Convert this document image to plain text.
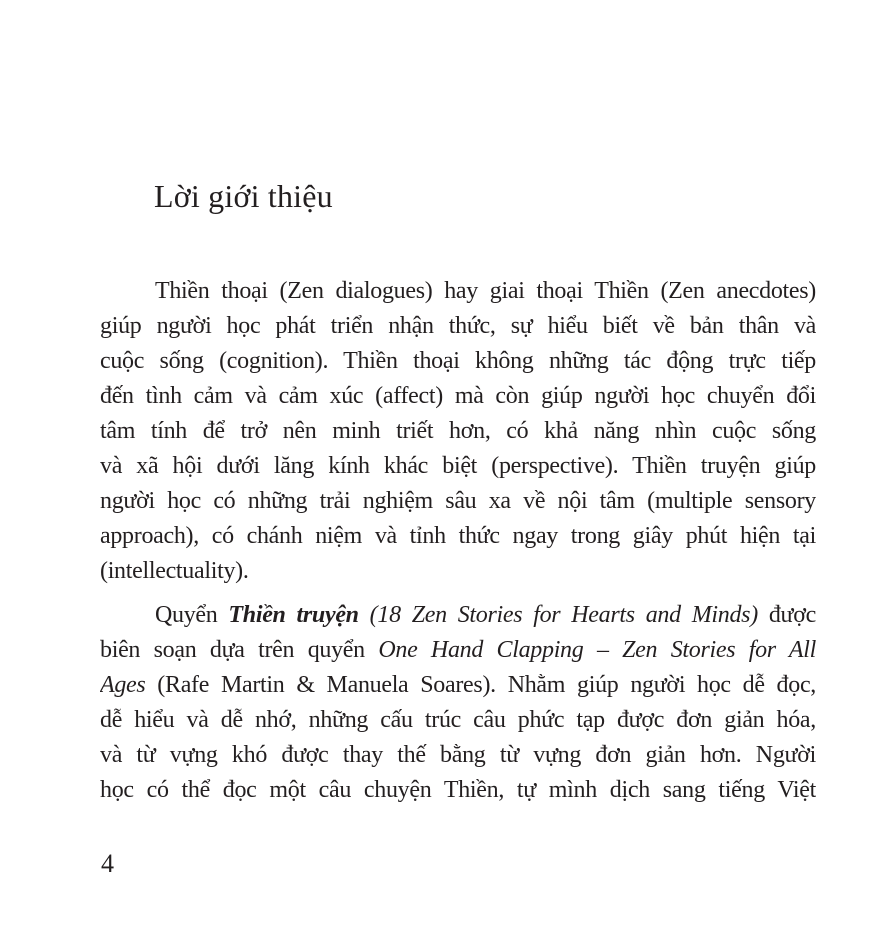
Lời giới thiệu
Thiền thoại (Zen dialogues) hay giai thoại Thiền (Zen anecdotes)
giúp người học phát triển nhận thức, sự hiểu biết về bản thân và
cuộc sống (cognition). Thiền thoại không những tác động trực tiếp
đến tình cảm và cảm xúc (affect) mà còn giúp người học chuyển đổi
tâm tính để trở nên minh triết hơn, có khả năng nhìn cuộc sống
và xã hội dưới lăng kính khác biệt (perspective). Thiền truyện giúp
người học có những trải nghiệm sâu xa về nội tâm (multiple sensory
approach), có chánh niệm và tỉnh thức ngay trong giây phút hiện tại
(intellectuality).
Quyển Thiền truyện (18 Zen Stories for Hearts and Minds) được
biên soạn dựa trên quyển One Hand Clapping – Zen Stories for All
Ages (Rafe Martin & Manuela Soares). Nhằm giúp người học dễ đọc,
dễ hiểu và dễ nhớ, những cấu trúc câu phức tạp được đơn giản hóa,
và từ vựng khó được thay thế bằng từ vựng đơn giản hơn. Người
học có thể đọc một câu chuyện Thiền, tự mình dịch sang tiếng Việt
4
